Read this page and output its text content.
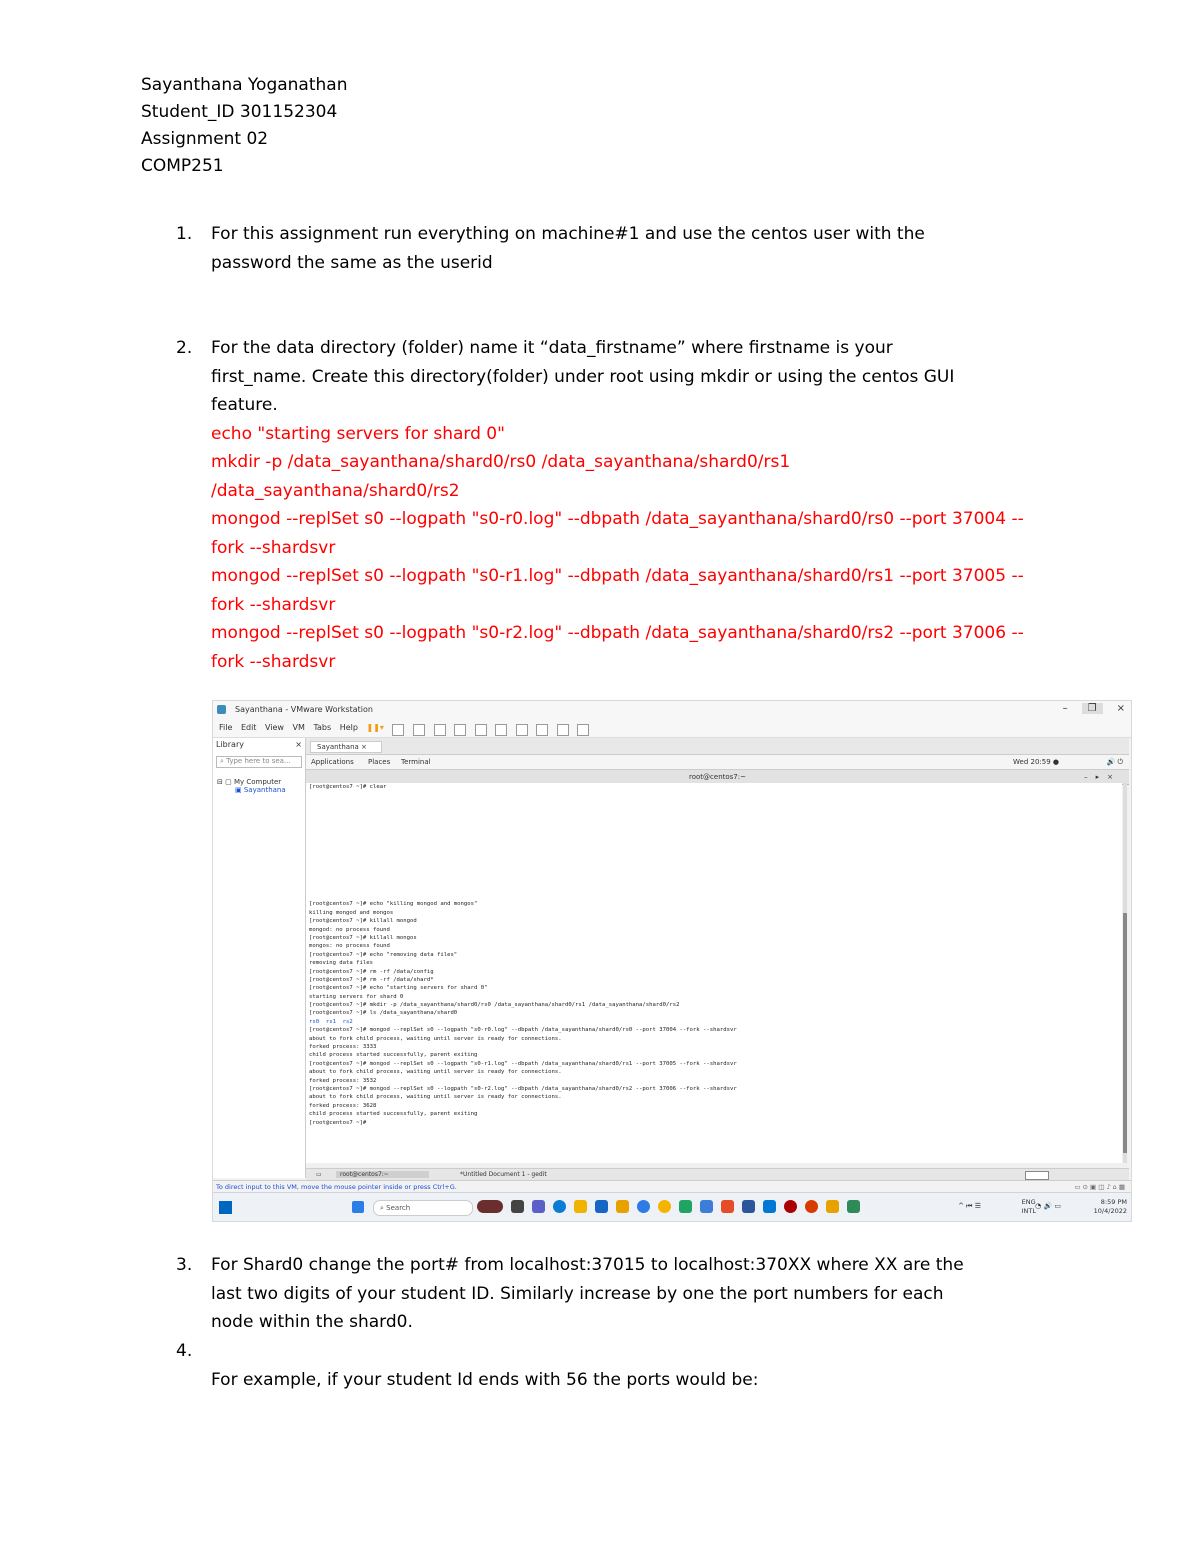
Sayanthana Yoganathan
Student_ID 301152304
Assignment 02
COMP251
1. For this assignment run everything on machine#1 and use the centos user with the
password the same as the userid
2. For the data directory (folder) name it “data_firstname” where firstname is your
first_name. Create this directory(folder) under root using mkdir or using the centos GUI
feature.
echo "starting servers for shard 0"
mkdir -p /data_sayanthana/shard0/rs0 /data_sayanthana/shard0/rs1
/data_sayanthana/shard0/rs2
mongod --replSet s0 --logpath "s0-r0.log" --dbpath /data_sayanthana/shard0/rs0 --port 37004 --
fork --shardsvr
mongod --replSet s0 --logpath "s0-r1.log" --dbpath /data_sayanthana/shard0/rs1 --port 37005 --
fork --shardsvr
mongod --replSet s0 --logpath "s0-r2.log" --dbpath /data_sayanthana/shard0/rs2 --port 37006 --
fork --shardsvr
Sayanthana - VMware Workstation	–	❐	×
File Edit View VM Tabs Help ❚❚▾
Library	×
⌕ Type here to sea...
⊟ ▢ My Computer
▣ Sayanthana
Sayanthana ×
Applications Places Terminal	Wed 20:59 ●	🔊 ⏻
root@centos7:~	–▸×
[root@centos7 ~]# clear
[root@centos7 ~]# echo "killing mongod and mongos"
killing mongod and mongos
[root@centos7 ~]# killall mongod
mongod: no process found
[root@centos7 ~]# killall mongos
mongos: no process found
[root@centos7 ~]# echo "removing data files"
removing data files
[root@centos7 ~]# rm -rf /data/config
[root@centos7 ~]# rm -rf /data/shard*
[root@centos7 ~]# echo "starting servers for shard 0"
starting servers for shard 0
[root@centos7 ~]# mkdir -p /data_sayanthana/shard0/rs0 /data_sayanthana/shard0/rs1 /data_sayanthana/shard0/rs2
[root@centos7 ~]# ls /data_sayanthana/shard0
rs0  rs1  rs2
[root@centos7 ~]# mongod --replSet s0 --logpath "s0-r0.log" --dbpath /data_sayanthana/shard0/rs0 --port 37004 --fork --shardsvr
about to fork child process, waiting until server is ready for connections.
forked process: 3333
child process started successfully, parent exiting
[root@centos7 ~]# mongod --replSet s0 --logpath "s0-r1.log" --dbpath /data_sayanthana/shard0/rs1 --port 37005 --fork --shardsvr
about to fork child process, waiting until server is ready for connections.
forked process: 3532
[root@centos7 ~]# mongod --replSet s0 --logpath "s0-r2.log" --dbpath /data_sayanthana/shard0/rs2 --port 37006 --fork --shardsvr
about to fork child process, waiting until server is ready for connections.
forked process: 3628
child process started successfully, parent exiting
[root@centos7 ~]#
▭	root@centos7:~	*Untitled Document 1 - gedit
To direct input to this VM, move the mouse pointer inside or press Ctrl+G.	▭ ⊙ ▣ ◫ ♪ ⌂ ▦
⌕ Search	^ ⏮ ☰	ENG
INTL
◔ 🔊 ▭	8:59 PM
10/4/2022
3. For Shard0 change the port# from localhost:37015 to localhost:370XX where XX are the
last two digits of your student ID. Similarly increase by one the port numbers for each
node within the shard0.
4.
For example, if your student Id ends with 56 the ports would be:
